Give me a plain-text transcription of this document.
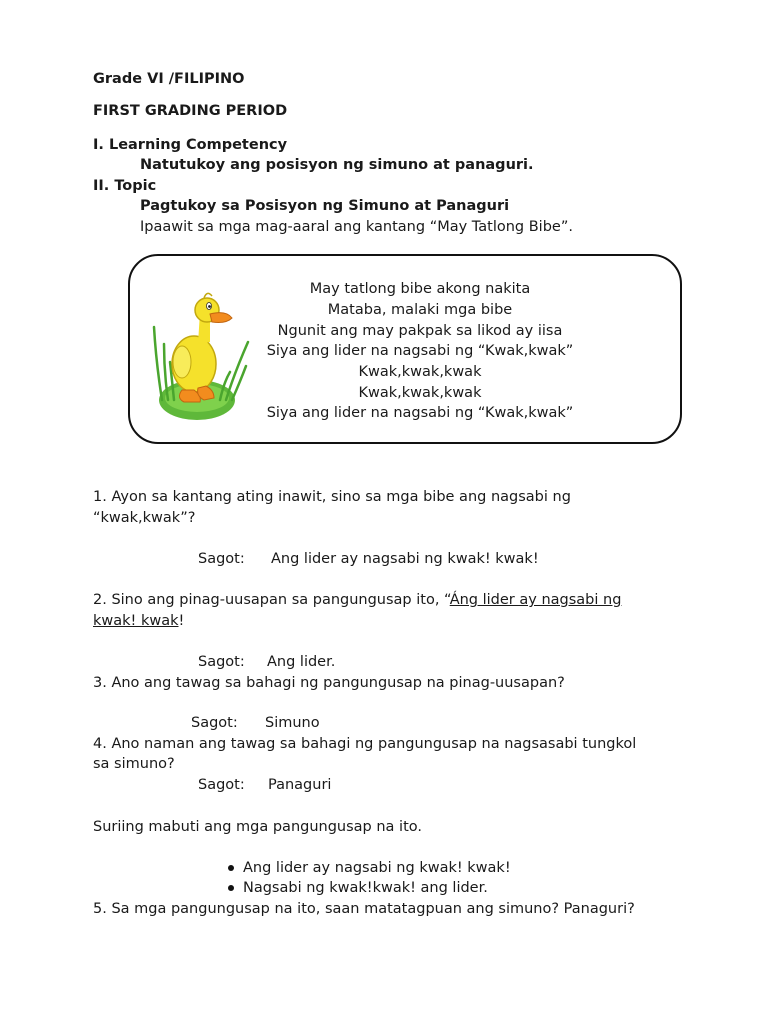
Grade VI /FILIPINO
FIRST GRADING PERIOD
I. Learning Competency
Natutukoy ang posisyon ng simuno at panaguri.
II. Topic
Pagtukoy sa Posisyon ng Simuno at Panaguri
Ipaawit sa mga mag-aaral ang kantang “May Tatlong Bibe”.
May tatlong bibe akong nakita
Mataba, malaki mga bibe
Ngunit ang may pakpak sa likod ay iisa
Siya ang lider na nagsabi ng “Kwak,kwak”
Kwak,kwak,kwak
Kwak,kwak,kwak
Siya ang lider na nagsabi ng “Kwak,kwak”
1. Ayon sa kantang ating inawit, sino sa mga bibe ang nagsabi ng
“kwak,kwak”?
Sagot: Ang lider ay nagsabi ng kwak! kwak!
2. Sino ang pinag-uusapan sa pangungusap ito, “Áng lider ay nagsabi ng
kwak! kwak!
Sagot: Ang lider.
3. Ano ang tawag sa bahagi ng pangungusap na pinag-uusapan?
Sagot: Simuno
4. Ano naman ang tawag sa bahagi ng pangungusap na nagsasabi tungkol
sa simuno?
Sagot: Panaguri
Suriing mabuti ang mga pangungusap na ito.
Ang lider ay nagsabi ng kwak! kwak!
Nagsabi ng kwak!kwak! ang lider.
5. Sa mga pangungusap na ito, saan matatagpuan ang simuno? Panaguri?
